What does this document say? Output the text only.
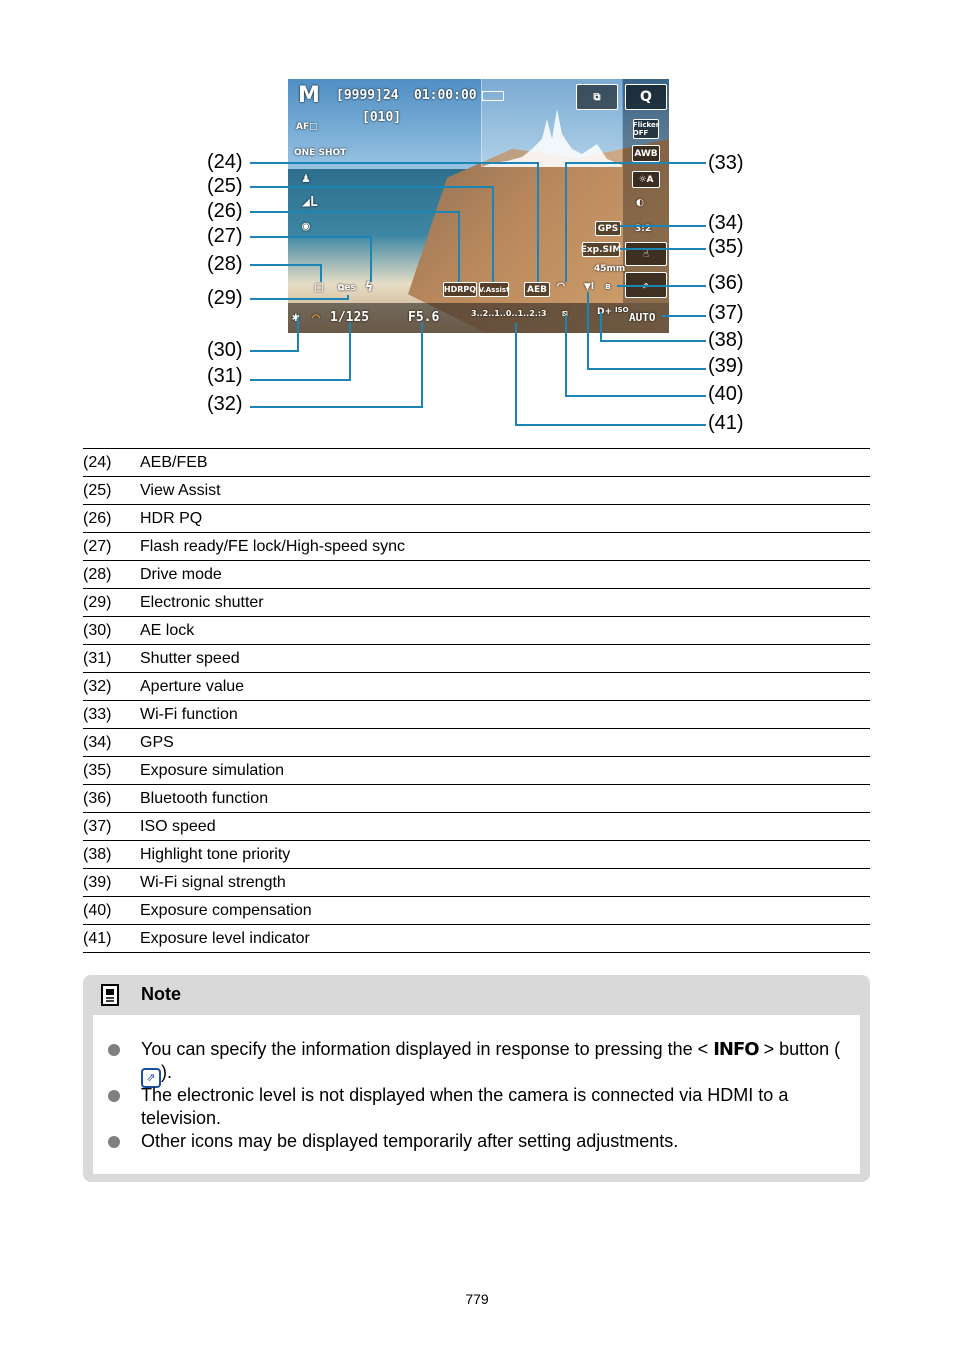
M [9999]24 01:00:00
[010]
AF□
ONE SHOT
♟
◢L
◉
⧉	Q
Flicker OFF
AWB
☼A
◐
GPS	3:2
Exp.SIM	☝
45mm
⌕
□ ⧉es ϟ	HDRPQ V.Assist	AEB ◠ ▼l ʙ
✱ ⌒ 1/125	F5.6	3..2..1..0..1..2.:3 ⧅	D+ ISO
AUTO
(24)
(25)
(26)
(27)
(28)
(29)
(30)
(31)
(32)
(33)
(34)
(35)
(36)
(37)
(38)
(39)
(40)
(41)
(24)	AEB/FEB
(25)	View Assist
(26)	HDR PQ
(27)	Flash ready/FE lock/High-speed sync
(28)	Drive mode
(29)	Electronic shutter
(30)	AE lock
(31)	Shutter speed
(32)	Aperture value
(33)	Wi-Fi function
(34)	GPS
(35)	Exposure simulation
(36)	Bluetooth function
(37)	ISO speed
(38)	Highlight tone priority
(39)	Wi-Fi signal strength
(40)	Exposure compensation
(41)	Exposure level indicator
Note
You can specify the information displayed in response to pressing the < INFO > button (⇗ ).
The electronic level is not displayed when the camera is connected via HDMI to a television.
Other icons may be displayed temporarily after setting adjustments.
779
